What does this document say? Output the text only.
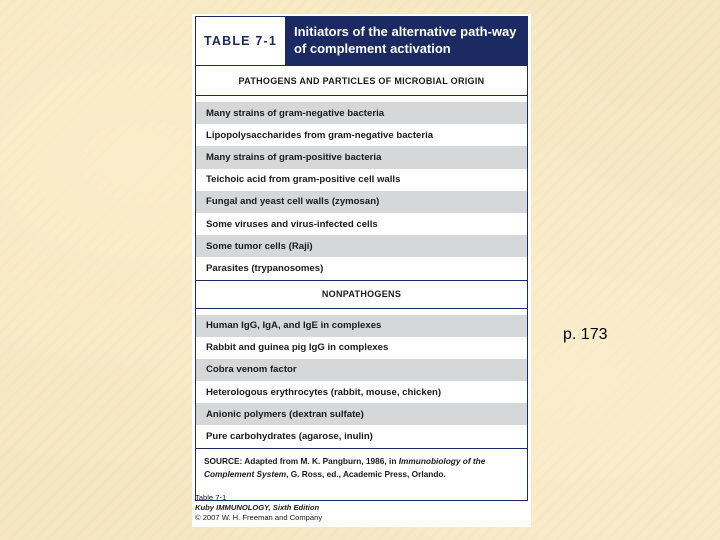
TABLE 7-1
Initiators of the alternative path-way of complement activation
PATHOGENS AND PARTICLES OF MICROBIAL ORIGIN
Many strains of gram-negative bacteria
Lipopolysaccharides from gram-negative bacteria
Many strains of gram-positive bacteria
Teichoic acid from gram-positive cell walls
Fungal and yeast cell walls (zymosan)
Some viruses and virus-infected cells
Some tumor cells (Raji)
Parasites (trypanosomes)
NONPATHOGENS
Human IgG, IgA, and IgE in complexes
Rabbit and guinea pig IgG in complexes
Cobra venom factor
Heterologous erythrocytes (rabbit, mouse, chicken)
Anionic polymers (dextran sulfate)
Pure carbohydrates (agarose, inulin)
SOURCE: Adapted from M. K. Pangburn, 1986, in Immunobiology of the Complement System, G. Ross, ed., Academic Press, Orlando.
Table 7-1
Kuby IMMUNOLOGY, Sixth Edition
© 2007 W. H. Freeman and Company
p. 173
